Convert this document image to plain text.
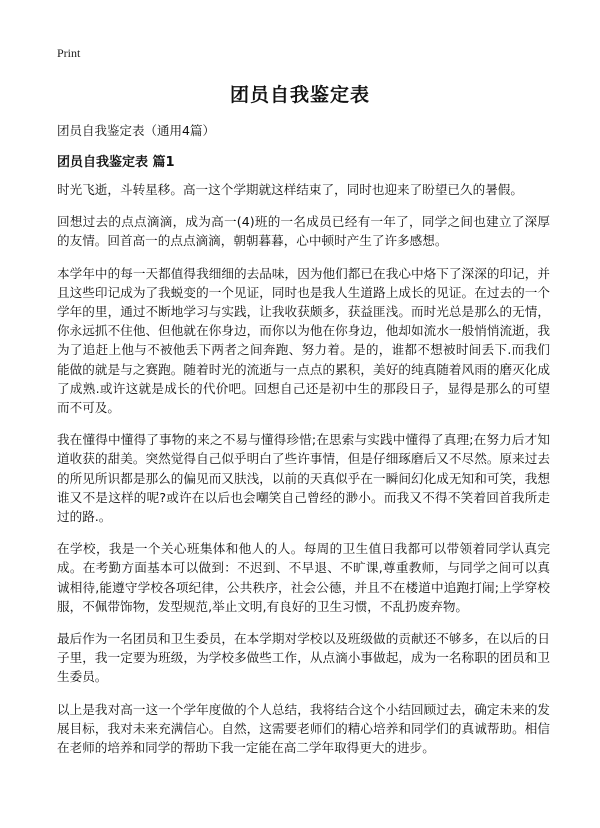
Print
团员自我鉴定表
团员自我鉴定表（通用4篇）
团员自我鉴定表 篇1

时光飞逝，斗转星移。高一这个学期就这样结束了，同时也迎来了盼望已久的暑假。

回想过去的点点滴滴，成为高一(4)班的一名成员已经有一年了，同学之间也建立了深厚的友情。回首高一的点点滴滴，朝朝暮暮，心中顿时产生了许多感想。

本学年中的每一天都值得我细细的去品味，因为他们都已在我心中烙下了深深的印记，并且这些印记成为了我蜕变的一个见证，同时也是我人生道路上成长的见证。在过去的一个学年的里，通过不断地学习与实践，让我收获颇多，获益匪浅。而时光总是那么的无情，你永远抓不住他、但他就在你身边，而你以为他在你身边，他却如流水一般悄悄流逝，我为了追赶上他与不被他丢下两者之间奔跑、努力着。是的，谁都不想被时间丢下.而我们能做的就是与之赛跑。随着时光的流逝与一点点的累积，美好的纯真随着风雨的磨灭化成了成熟.或许这就是成长的代价吧。回想自己还是初中生的那段日子，显得是那么的可望而不可及。

我在懂得中懂得了事物的来之不易与懂得珍惜;在思索与实践中懂得了真理;在努力后才知道收获的甜美。突然觉得自己似乎明白了些许事情，但是仔细琢磨后又不尽然。原来过去的所见所识都是那么的偏见而又肤浅，以前的天真似乎在一瞬间幻化成无知和可笑，我想谁又不是这样的呢?或许在以后也会嘲笑自己曾经的渺小。而我又不得不笑着回首我所走过的路.。

在学校，我是一个关心班集体和他人的人。每周的卫生值日我都可以带领着同学认真完成。在考勤方面基本可以做到：不迟到、不早退、不旷课,尊重教师，与同学之间可以真诚相待,能遵守学校各项纪律，公共秩序，社会公德，并且不在楼道中追跑打闹;上学穿校服，不佩带饰物，发型规范,举止文明,有良好的卫生习惯，不乱扔废弃物。

最后作为一名团员和卫生委员，在本学期对学校以及班级做的贡献还不够多，在以后的日子里，我一定要为班级，为学校多做些工作，从点滴小事做起，成为一名称职的团员和卫生委员。

以上是我对高一这一个学年度做的个人总结，我将结合这个小结回顾过去，确定未来的发展目标，我对未来充满信心。自然，这需要老师们的精心培养和同学们的真诚帮助。相信在老师的培养和同学的帮助下我一定能在高二学年取得更大的进步。
